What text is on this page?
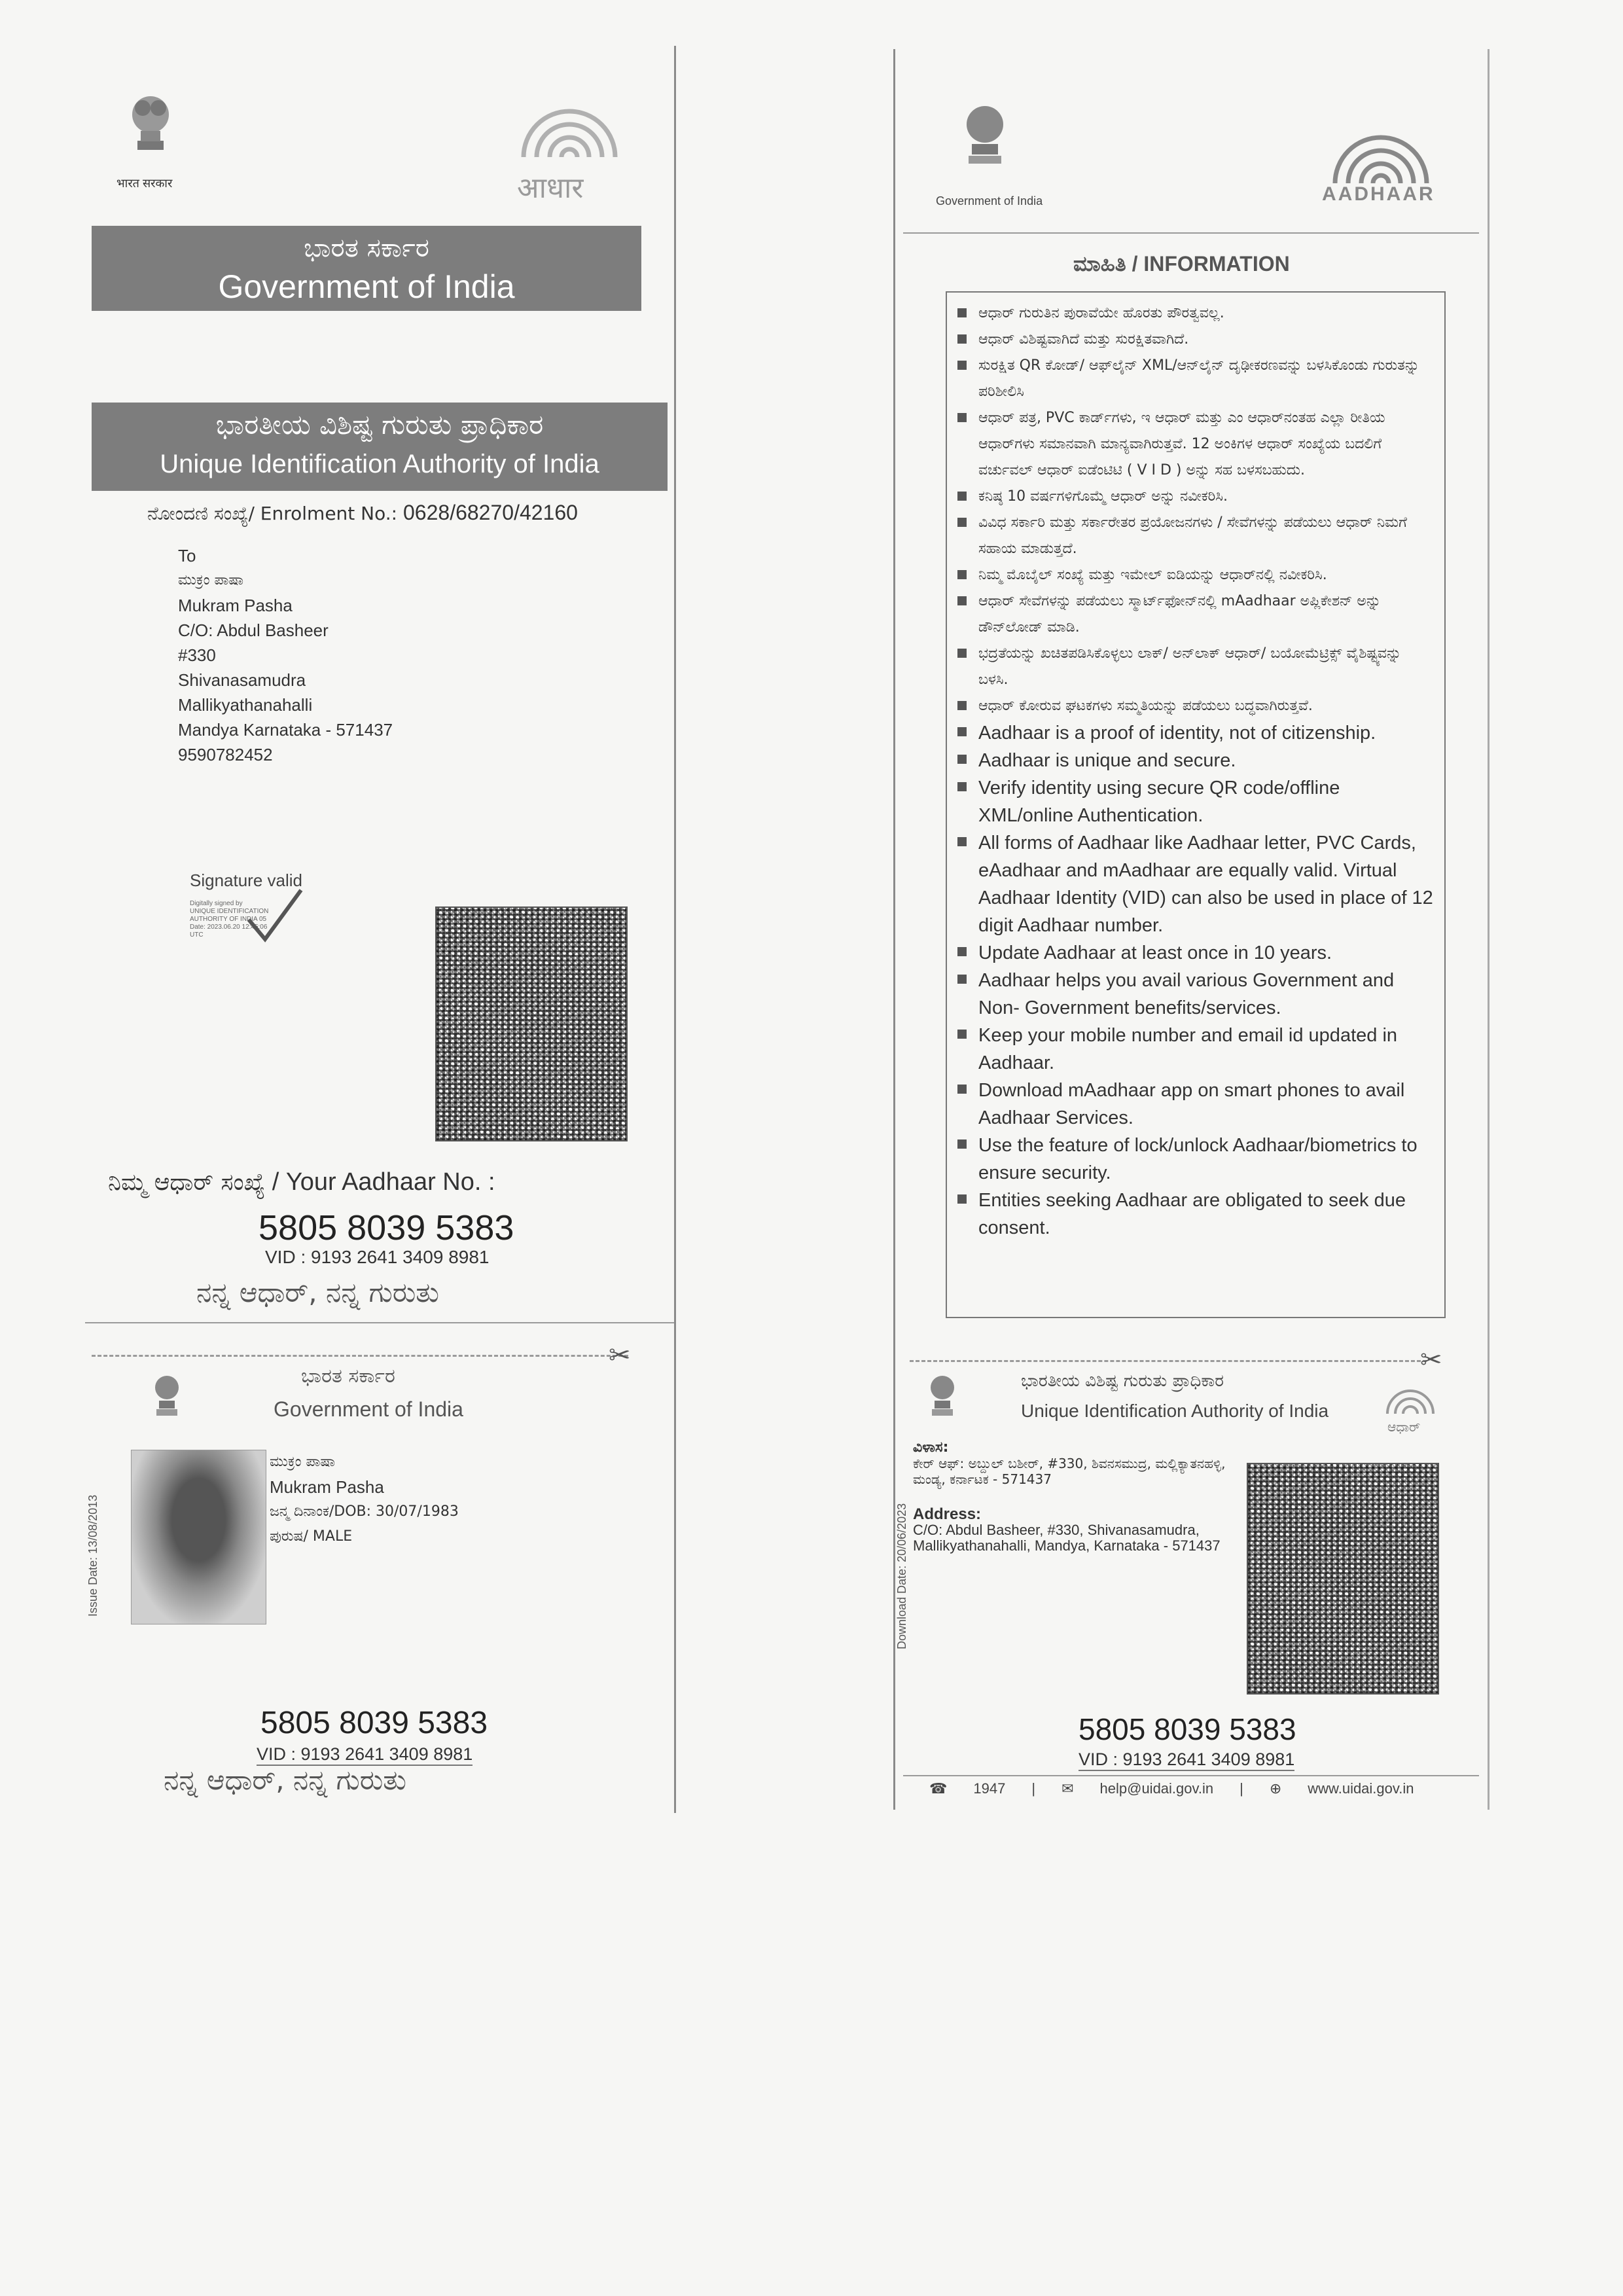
भारत सरकार	आधार
ಭಾರತ ಸರ್ಕಾರ
Government of India
ಭಾರತೀಯ ವಿಶಿಷ್ಟ ಗುರುತು ಪ್ರಾಧಿಕಾರ
Unique Identification Authority of India
ನೋಂದಣಿ ಸಂಖ್ಯೆ/ Enrolment No.: 0628/68270/42160
To
ಮುಕ್ರಂ ಪಾಷಾ
Mukram Pasha
C/O: Abdul Basheer
#330
Shivanasamudra
Mallikyathanahalli
Mandya Karnataka - 571437
9590782452
Signature valid
Digitally signed by
UNIQUE IDENTIFICATION
AUTHORITY OF INDIA 05
Date: 2023.06.20 12:45:06
UTC
ನಿಮ್ಮ ಆಧಾರ್ ಸಂಖ್ಯೆ / Your Aadhaar No. :
5805 8039 5383
VID : 9193 2641 3409 8981
ನನ್ನ ಆಧಾರ್, ನನ್ನ ಗುರುತು
✂
ಭಾರತ ಸರ್ಕಾರ
Government of India
Issue Date: 13/08/2013
ಮುಕ್ರಂ ಪಾಷಾ
Mukram Pasha
ಜನ್ಮ ದಿನಾಂಕ/DOB: 30/07/1983
ಪುರುಷ/ MALE
5805 8039 5383
VID : 9193 2641 3409 8981
ನನ್ನ ಆಧಾರ್, ನನ್ನ ಗುರುತು
Government of India	AADHAAR
ಮಾಹಿತಿ / INFORMATION
ಆಧಾರ್ ಗುರುತಿನ ಪುರಾವೆಯೇ ಹೊರತು ಪೌರತ್ವವಲ್ಲ.
ಆಧಾರ್ ವಿಶಿಷ್ಟವಾಗಿದೆ ಮತ್ತು ಸುರಕ್ಷಿತವಾಗಿದೆ.
ಸುರಕ್ಷಿತ QR ಕೋಡ್/ ಆಫ್‌ಲೈನ್ XML/ಆನ್‌ಲೈನ್ ದೃಢೀಕರಣವನ್ನು ಬಳಸಿಕೊಂಡು ಗುರುತನ್ನು ಪರಿಶೀಲಿಸಿ
ಆಧಾರ್ ಪತ್ರ, PVC ಕಾರ್ಡ್‌ಗಳು, ಇ ಆಧಾರ್ ಮತ್ತು ಎಂ ಆಧಾರ್‌ನಂತಹ ಎಲ್ಲಾ ರೀತಿಯ ಆಧಾರ್‌ಗಳು ಸಮಾನವಾಗಿ ಮಾನ್ಯವಾಗಿರುತ್ತವೆ. 12 ಅಂಕಿಗಳ ಆಧಾರ್ ಸಂಖ್ಯೆಯ ಬದಲಿಗೆ ವರ್ಚುವಲ್ ಆಧಾರ್ ಐಡೆಂಟಿಟಿ ( V I D ) ಅನ್ನು ಸಹ ಬಳಸಬಹುದು.
ಕನಿಷ್ಠ 10 ವರ್ಷಗಳಿಗೊಮ್ಮೆ ಆಧಾರ್ ಅನ್ನು ನವೀಕರಿಸಿ.
ವಿವಿಧ ಸರ್ಕಾರಿ ಮತ್ತು ಸರ್ಕಾರೇತರ ಪ್ರಯೋಜನಗಳು / ಸೇವೆಗಳನ್ನು ಪಡೆಯಲು ಆಧಾರ್ ನಿಮಗೆ ಸಹಾಯ ಮಾಡುತ್ತದೆ.
ನಿಮ್ಮ ಮೊಬೈಲ್ ಸಂಖ್ಯೆ ಮತ್ತು ಇಮೇಲ್ ಐಡಿಯನ್ನು ಆಧಾರ್‌ನಲ್ಲಿ ನವೀಕರಿಸಿ.
ಆಧಾರ್ ಸೇವೆಗಳನ್ನು ಪಡೆಯಲು ಸ್ಮಾರ್ಟ್‌ಫೋನ್‌ನಲ್ಲಿ mAadhaar ಅಪ್ಲಿಕೇಶನ್ ಅನ್ನು ಡೌನ್‌ಲೋಡ್ ಮಾಡಿ.
ಭದ್ರತೆಯನ್ನು ಖಚಿತಪಡಿಸಿಕೊಳ್ಳಲು ಲಾಕ್/ ಅನ್‌ಲಾಕ್ ಆಧಾರ್/ ಬಯೋಮೆಟ್ರಿಕ್ಸ್ ವೈಶಿಷ್ಟ್ಯವನ್ನು ಬಳಸಿ.
ಆಧಾರ್ ಕೋರುವ ಘಟಕಗಳು ಸಮ್ಮತಿಯನ್ನು ಪಡೆಯಲು ಬದ್ಧವಾಗಿರುತ್ತವೆ.
Aadhaar is a proof of identity, not of citizenship.
Aadhaar is unique and secure.
Verify identity using secure QR code/offline XML/online Authentication.
All forms of Aadhaar like Aadhaar letter, PVC Cards, eAadhaar and mAadhaar are equally valid. Virtual Aadhaar Identity (VID) can also be used in place of 12 digit Aadhaar number.
Update Aadhaar at least once in 10 years.
Aadhaar helps you avail various Government and Non- Government benefits/services.
Keep your mobile number and email id updated in Aadhaar.
Download mAadhaar app on smart phones to avail Aadhaar Services.
Use the feature of lock/unlock Aadhaar/biometrics to ensure security.
Entities seeking Aadhaar are obligated to seek due consent.
✂
ಭಾರತೀಯ ವಿಶಿಷ್ಟ ಗುರುತು ಪ್ರಾಧಿಕಾರ
Unique Identification Authority of India
ಆಧಾರ್
Download Date: 20/06/2023
ವಿಳಾಸ:
ಕೇರ್ ಆಫ್: ಅಬ್ದುಲ್ ಬಶೀರ್, #330, ಶಿವನಸಮುದ್ರ, ಮಲ್ಲಿಕ್ಯಾತನಹಳ್ಳಿ, ಮಂಡ್ಯ, ಕರ್ನಾಟಕ - 571437
Address:
C/O: Abdul Basheer, #330, Shivanasamudra, Mallikyathanahalli, Mandya, Karnataka - 571437
5805 8039 5383
VID : 9193 2641 3409 8981
☎ 1947 | ✉ help@uidai.gov.in | ⊕ www.uidai.gov.in
